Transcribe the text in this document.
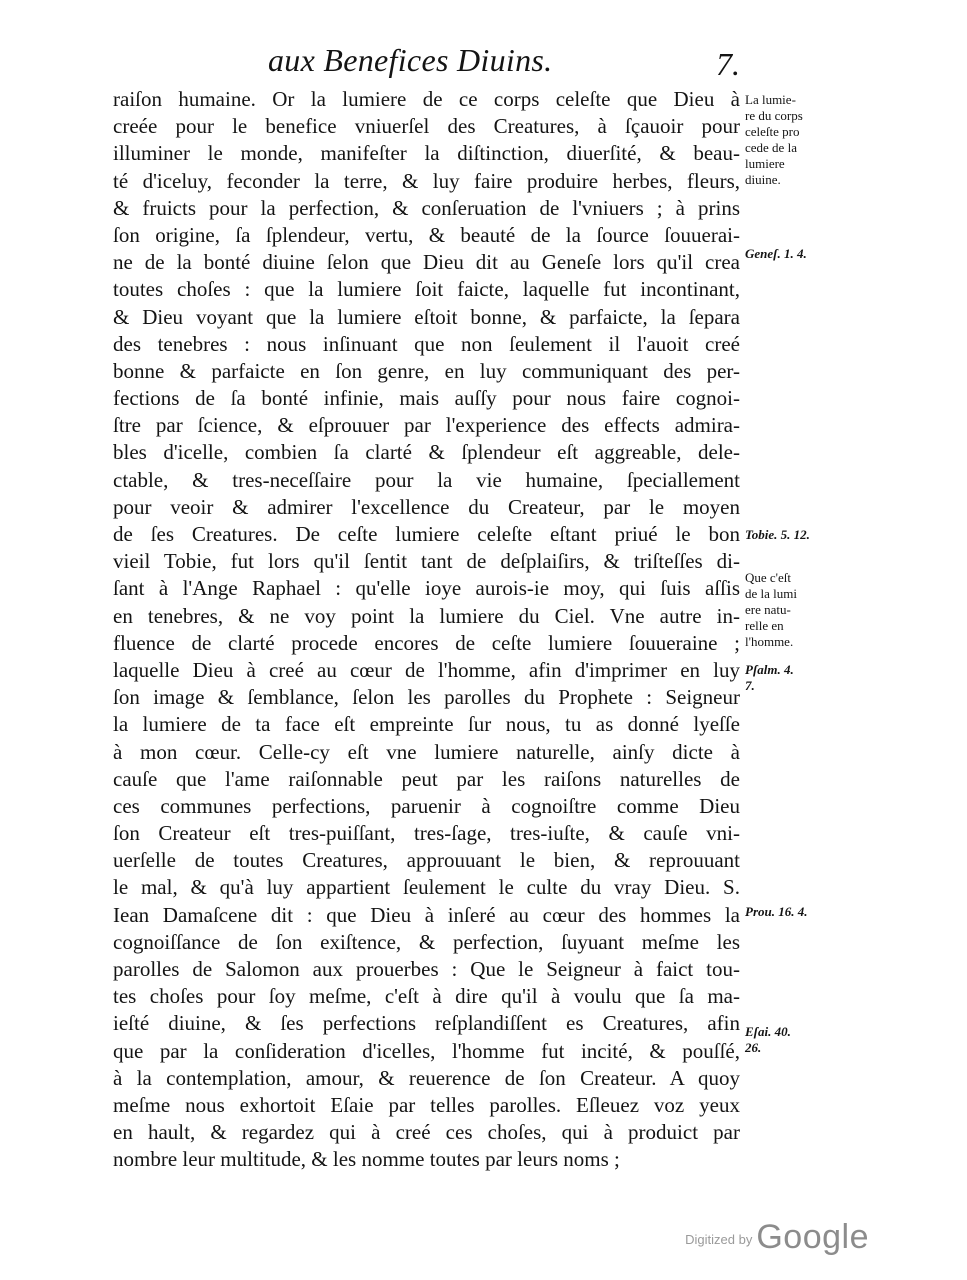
aux Benefices Diuins.	7.
raiſon humaine. Or la lumiere de ce corps celeſte que Dieu à
creée pour le benefice vniuerſel des Creatures, à ſçauoir pour
illuminer le monde, manifeſter la diſtinction, diuerſité, & beau-
té d'iceluy, feconder la terre, & luy faire produire herbes, fleurs,
& fruicts pour la perfection, & conſeruation de l'vniuers ; à prins
ſon origine, ſa ſplendeur, vertu, & beauté de la ſource ſouuerai-
ne de la bonté diuine ſelon que Dieu dit au Geneſe lors qu'il crea
toutes choſes : que la lumiere ſoit faicte, laquelle fut incontinant,
& Dieu voyant que la lumiere eſtoit bonne, & parfaicte, la ſepara
des tenebres : nous inſinuant que non ſeulement il l'auoit creé
bonne & parfaicte en ſon genre, en luy communiquant des per-
fections de ſa bonté infinie, mais auſſy pour nous faire cognoi-
ſtre par ſcience, & eſprouuer par l'experience des effects admira-
bles d'icelle, combien ſa clarté & ſplendeur eſt aggreable, dele-
ctable, & tres-neceſſaire pour la vie humaine, ſpeciallement
pour veoir & admirer l'excellence du Createur, par le moyen
de ſes Creatures. De ceſte lumiere celeſte eſtant priué le bon
vieil Tobie, fut lors qu'il ſentit tant de deſplaiſirs, & triſteſſes di-
ſant à l'Ange Raphael : qu'elle ioye aurois-ie moy, qui ſuis aſſis
en tenebres, & ne voy point la lumiere du Ciel. Vne autre in-
fluence de clarté procede encores de ceſte lumiere ſouueraine ;
laquelle Dieu à creé au cœur de l'homme, afin d'imprimer en luy
ſon image & ſemblance, ſelon les parolles du Prophete : Seigneur
la lumiere de ta face eſt empreinte ſur nous, tu as donné lyeſſe
à mon cœur. Celle-cy eſt vne lumiere naturelle, ainſy dicte à
cauſe que l'ame raiſonnable peut par les raiſons naturelles de
ces communes perfections, paruenir à cognoiſtre comme Dieu
ſon Createur eſt tres-puiſſant, tres-ſage, tres-iuſte, & cauſe vni-
uerſelle de toutes Creatures, approuuant le bien, & reprouuant
le mal, & qu'à luy appartient ſeulement le culte du vray Dieu. S.
Iean Damaſcene dit : que Dieu à inſeré au cœur des hommes la
cognoiſſance de ſon exiſtence, & perfection, ſuyuant meſme les
parolles de Salomon aux prouerbes : Que le Seigneur à faict tou-
tes choſes pour ſoy meſme, c'eſt à dire qu'il à voulu que ſa ma-
ieſté diuine, & ſes perfections reſplandiſſent es Creatures, afin
que par la conſideration d'icelles, l'homme fut incité, & pouſſé,
à la contemplation, amour, & reuerence de ſon Createur. A quoy
meſme nous exhortoit Eſaie par telles parolles. Eſleuez voz yeux
en hault, & regardez qui à creé ces choſes, qui à produict par
nombre leur multitude, & les nomme toutes par leurs noms ;
La lumie-
re du corps
celeſte pro
cede de la
lumiere
diuine.
Geneſ. 1. 4.
Tobie. 5. 12.
Que c'eſt
de la lumi
ere natu-
relle en
l'homme.
Pſalm. 4.
7.
Prou. 16. 4.
Eſai. 40.
26.
$^{Digitized by}$ Google
